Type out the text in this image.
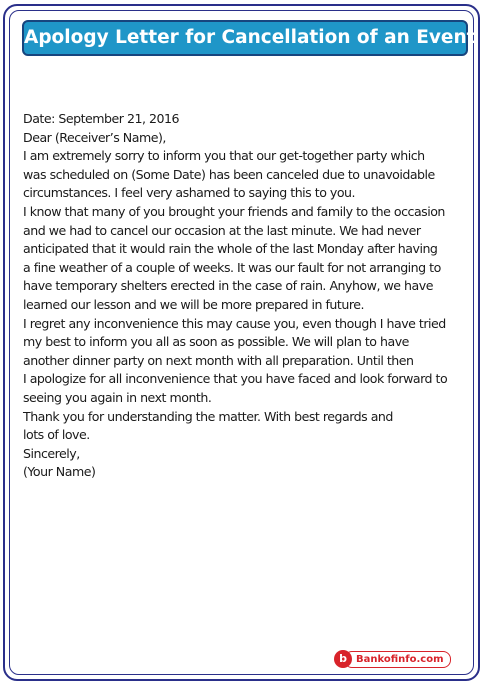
Apology Letter for Cancellation of an Event

Date: September 21, 2016

Dear (Receiver’s Name),

I am extremely sorry to inform you that our get-together party which
was scheduled on (Some Date) has been canceled due to unavoidable
circumstances. I feel very ashamed to saying this to you.

I know that many of you brought your friends and family to the occasion
and we had to cancel our occasion at the last minute. We had never
anticipated that it would rain the whole of the last Monday after having
a fine weather of a couple of weeks. It was our fault for not arranging to
have temporary shelters erected in the case of rain. Anyhow, we have
learned our lesson and we will be more prepared in future.

I regret any inconvenience this may cause you, even though I have tried
my best to inform you all as soon as possible. We will plan to have
another dinner party on next month with all preparation. Until then
I apologize for all inconvenience that you have faced and look forward to
seeing you again in next month.

Thank you for understanding the matter. With best regards and
lots of love.

Sincerely,

(Your Name)

b Bankofinfo.com
